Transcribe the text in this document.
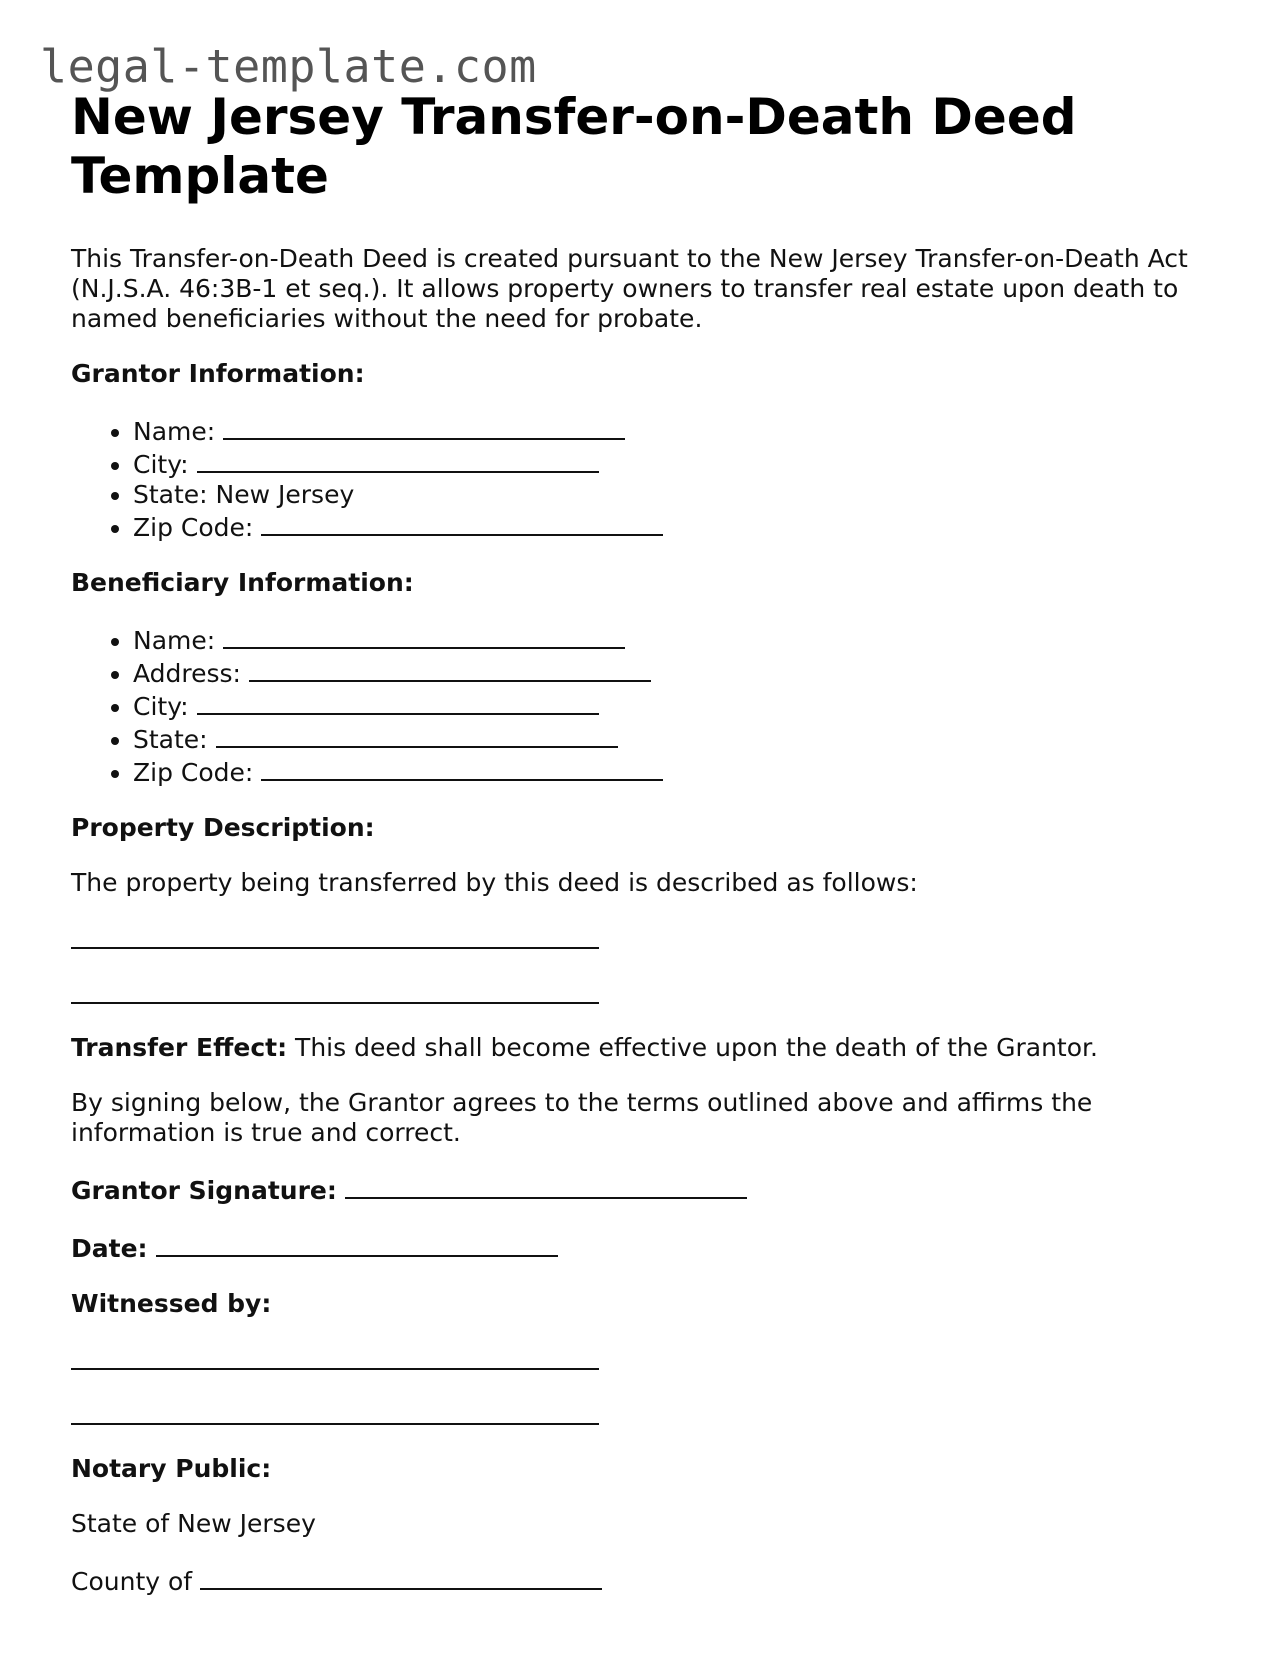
legal-template.com
New Jersey Transfer-on-Death Deed Template

This Transfer-on-Death Deed is created pursuant to the New Jersey Transfer-on-Death Act (N.J.S.A. 46:3B-1 et seq.). It allows property owners to transfer real estate upon death to named beneficiaries without the need for probate.

Grantor Information:
• Name:
• City:
• State: New Jersey
• Zip Code:
Beneficiary Information:
• Name:
• Address:
• City:
• State:
• Zip Code:
Property Description:

The property being transferred by this deed is described as follows:

Transfer Effect: This deed shall become effective upon the death of the Grantor.

By signing below, the Grantor agrees to the terms outlined above and affirms the information is true and correct.

Grantor Signature:
Date:
Witnessed by:
Notary Public:

State of New Jersey

County of
